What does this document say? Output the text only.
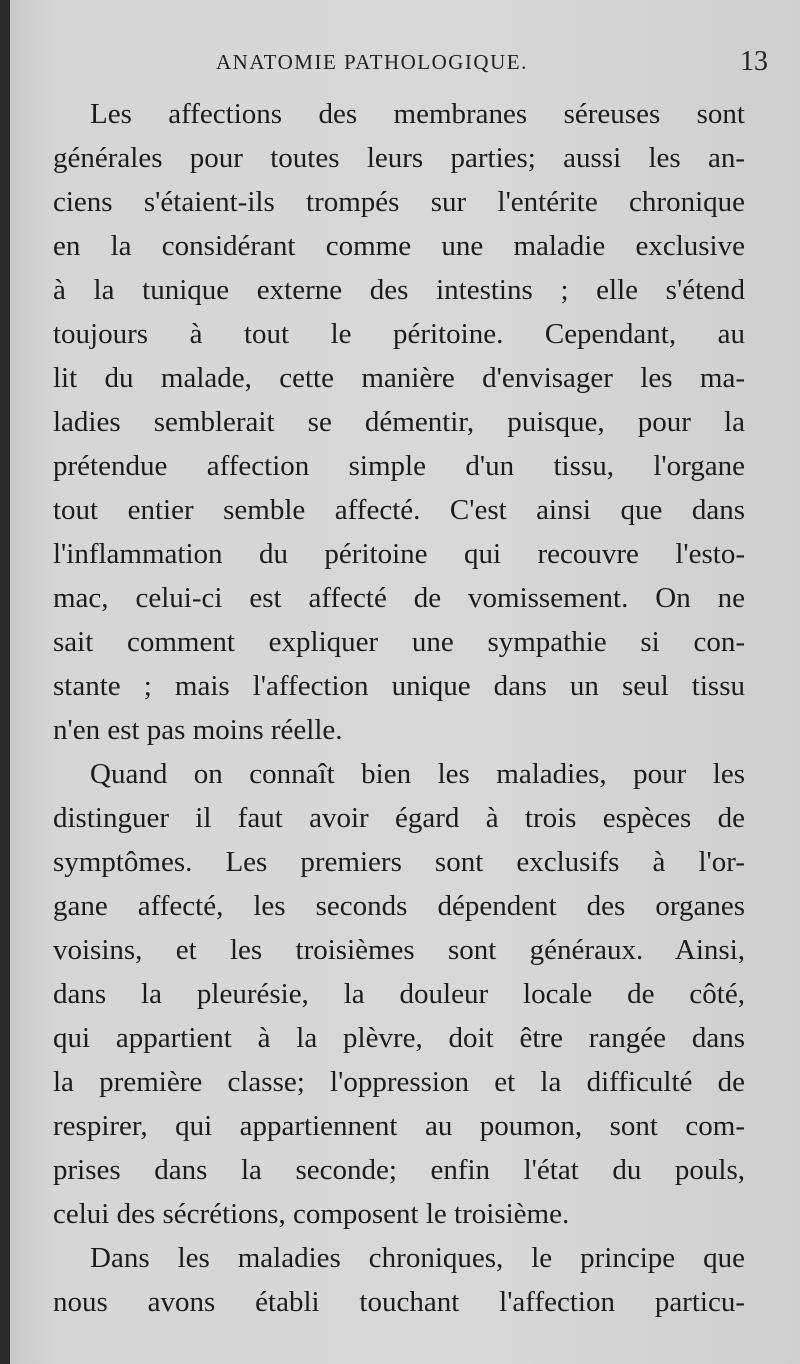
ANATOMIE PATHOLOGIQUE.	13
Les affections des membranes séreuses sont
générales pour toutes leurs parties; aussi les an-
ciens s'étaient-ils trompés sur l'entérite chronique
en la considérant comme une maladie exclusive
à la tunique externe des intestins ; elle s'étend
toujours à tout le péritoine. Cependant, au
lit du malade, cette manière d'envisager les ma-
ladies semblerait se démentir, puisque, pour la
prétendue affection simple d'un tissu, l'organe
tout entier semble affecté. C'est ainsi que dans
l'inflammation du péritoine qui recouvre l'esto-
mac, celui-ci est affecté de vomissement. On ne
sait comment expliquer une sympathie si con-
stante ; mais l'affection unique dans un seul tissu
n'en est pas moins réelle.
Quand on connaît bien les maladies, pour les
distinguer il faut avoir égard à trois espèces de
symptômes. Les premiers sont exclusifs à l'or-
gane affecté, les seconds dépendent des organes
voisins, et les troisièmes sont généraux. Ainsi,
dans la pleurésie, la douleur locale de côté,
qui appartient à la plèvre, doit être rangée dans
la première classe; l'oppression et la difficulté de
respirer, qui appartiennent au poumon, sont com-
prises dans la seconde; enfin l'état du pouls,
celui des sécrétions, composent le troisième.
Dans les maladies chroniques, le principe que
nous avons établi touchant l'affection particu-
